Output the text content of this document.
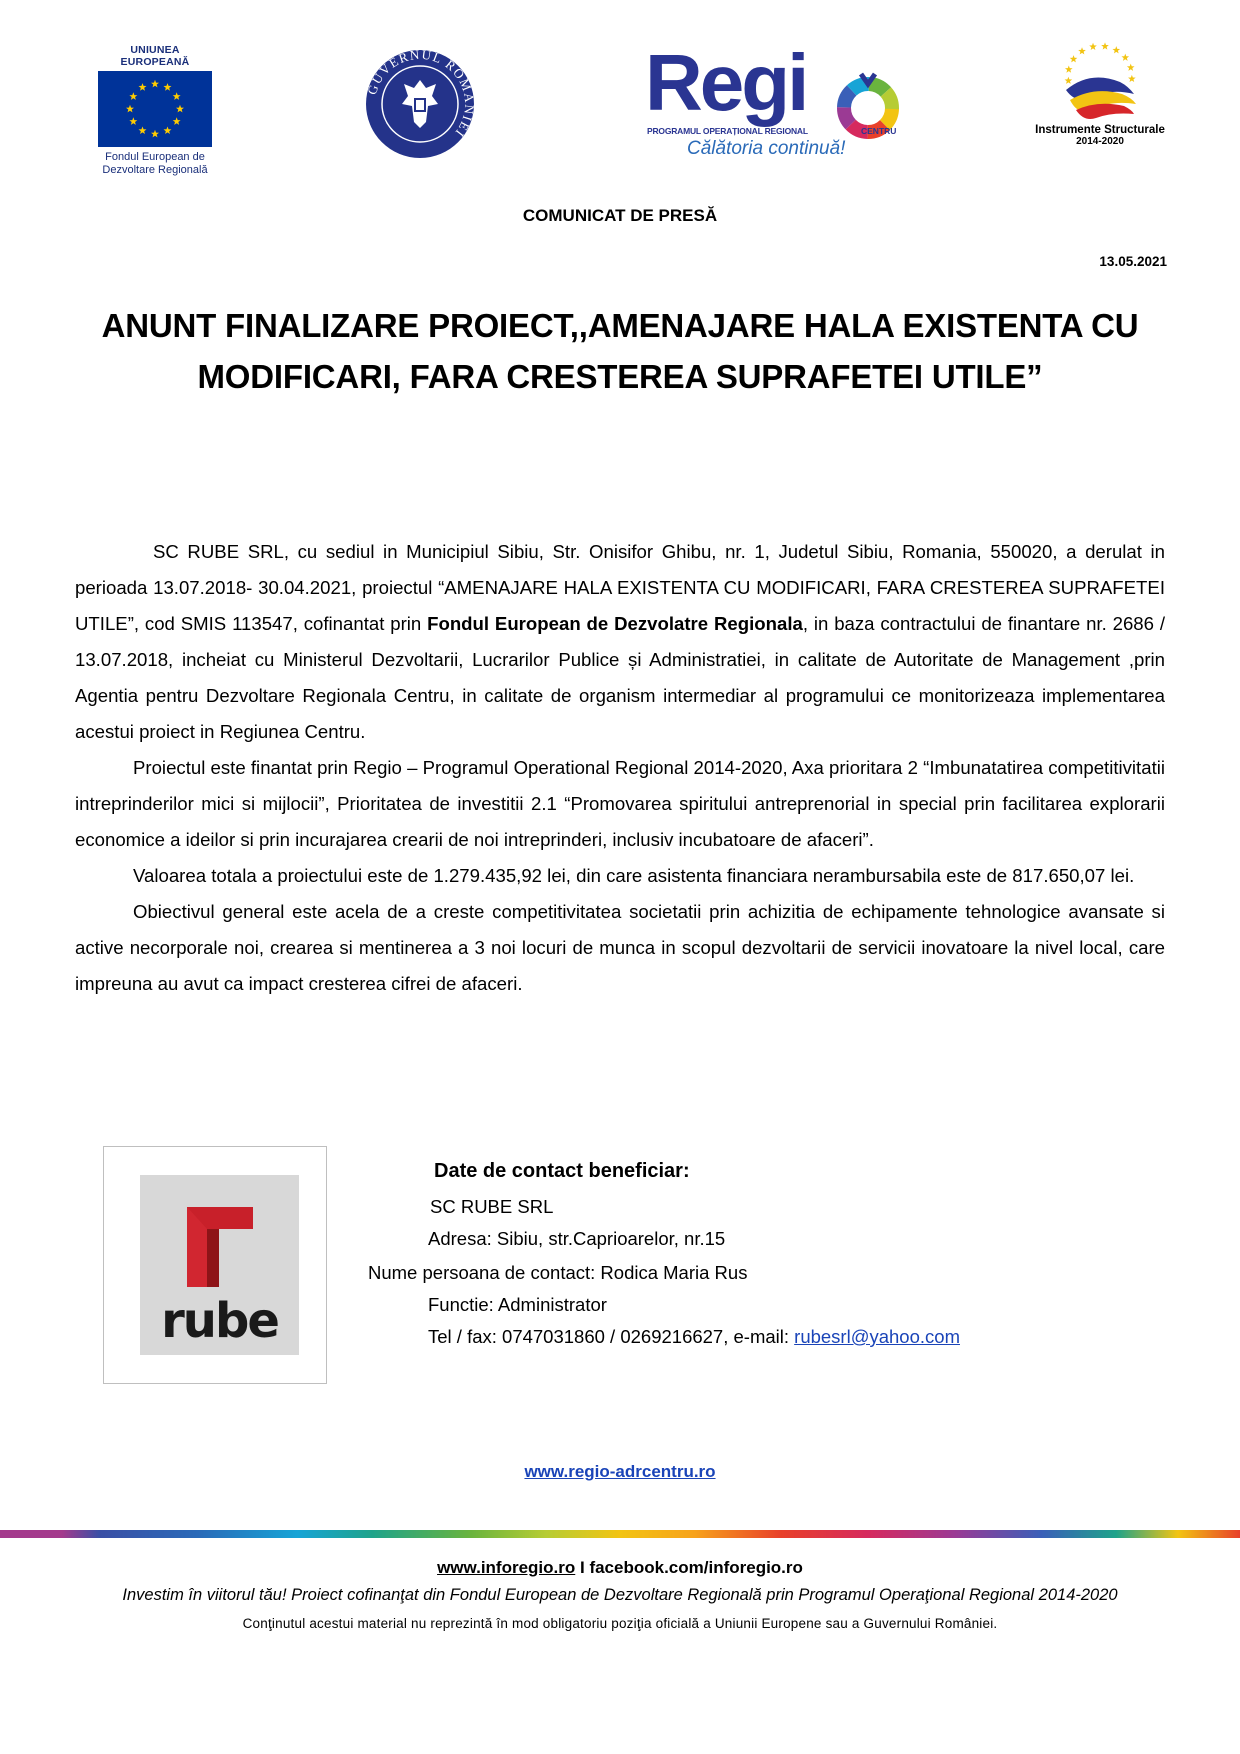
UNIUNEA EUROPEANĂ
Fondul European de
Dezvoltare Regională
GUVERNUL ROMÂNIEI
Regi
PROGRAMUL OPERAȚIONAL REGIONAL	CENTRU
Călătoria continuă!
Instrumente Structurale
2014-2020
COMUNICAT DE PRESĂ
13.05.2021
ANUNT FINALIZARE PROIECT,,AMENAJARE HALA EXISTENTA CU
MODIFICARI, FARA CRESTEREA SUPRAFETEI UTILE”

SC RUBE SRL, cu sediul in Municipiul Sibiu, Str. Onisifor Ghibu, nr. 1, Judetul Sibiu, Romania, 550020, a derulat in perioada 13.07.2018- 30.04.2021, proiectul “AMENAJARE HALA EXISTENTA CU MODIFICARI, FARA CRESTEREA SUPRAFETEI UTILE”, cod SMIS 113547, cofinantat prin Fondul European de Dezvolatre Regionala, in baza contractului de finantare nr. 2686 / 13.07.2018, incheiat cu Ministerul Dezvoltarii, Lucrarilor Publice și Administratiei, in calitate de Autoritate de Management ,prin Agentia pentru Dezvoltare Regionala Centru, in calitate de organism intermediar al programului ce monitorizeaza implementarea acestui proiect in Regiunea Centru.

Proiectul este finantat prin Regio – Programul Operational Regional 2014-2020, Axa prioritara 2 “Imbunatatirea competitivitatii intreprinderilor mici si mijlocii”, Prioritatea de investitii 2.1 “Promovarea spiritului antreprenorial in special prin facilitarea explorarii economice a ideilor si prin incurajarea crearii de noi intreprinderi, inclusiv incubatoare de afaceri”.

Valoarea totala a proiectului este de 1.279.435,92 lei, din care asistenta financiara nerambursabila este de 817.650,07 lei.

Obiectivul general este acela de a creste competitivitatea societatii prin achizitia de echipamente tehnologice avansate si active necorporale noi, crearea si mentinerea a 3 noi locuri de munca in scopul dezvoltarii de servicii inovatoare la nivel local, care impreuna au avut ca impact cresterea cifrei de afaceri.

rube
Date de contact beneficiar:
SC RUBE SRL
Adresa: Sibiu, str.Caprioarelor, nr.15
Nume persoana de contact: Rodica Maria Rus
Functie: Administrator
Tel / fax: 0747031860 / 0269216627, e-mail: rubesrl@yahoo.com
www.regio-adrcentru.ro
www.inforegio.ro I facebook.com/inforegio.ro
Investim în viitorul tău! Proiect cofinanţat din Fondul European de Dezvoltare Regională prin Programul Operaţional Regional 2014-2020
Conţinutul acestui material nu reprezintă în mod obligatoriu poziţia oficială a Uniunii Europene sau a Guvernului României.
